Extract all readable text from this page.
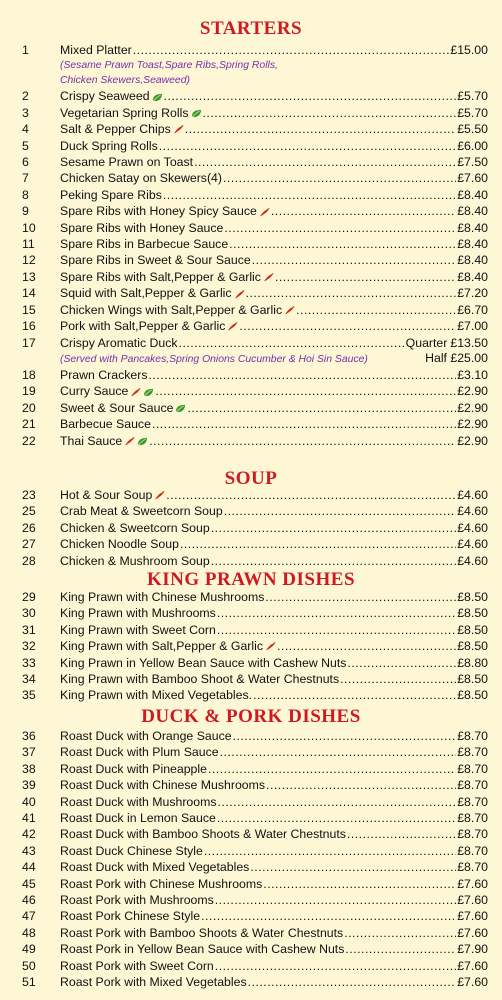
STARTERS
1	Mixed Platter .....	£15.00
(Sesame Prawn Toast,Spare Ribs,Spring Rolls,
Chicken Skewers,Seaweed)
2	Crispy Seaweed .....	£5.70
3	Vegetarian Spring Rolls .....	£5.70
4	Salt & Pepper Chips .....	£5.50
5	Duck Spring Rolls .....	£6.00
6	Sesame Prawn on Toast .....	£7.50
7	Chicken Satay on Skewers(4) .....	£7.60
8	Peking Spare Ribs .....	£8.40
9	Spare Ribs with Honey Spicy Sauce .....	£8.40
10	Spare Ribs with Honey Sauce .....	£8.40
11	Spare Ribs in Barbecue Sauce .....	£8.40
12	Spare Ribs in Sweet & Sour Sauce .....	£8.40
13	Spare Ribs with Salt,Pepper & Garlic .....	£8.40
14	Squid with Salt,Pepper & Garlic .....	£7.20
15	Chicken Wings with Salt,Pepper & Garlic .....	£6.70
16	Pork with Salt,Pepper & Garlic .....	£7.00
17	Crispy Aromatic Duck .....	Quarter £13.50
(Served with Pancakes,Spring Onions Cucumber & Hoi Sin Sauce)	Half £25.00
18	Prawn Crackers .....	£3.10
19	Curry Sauce .....	£2.90
20	Sweet & Sour Sauce .....	£2.90
21	Barbecue Sauce .....	£2.90
22	Thai Sauce .....	£2.90
SOUP
23	Hot & Sour Soup .....	£4.60
25	Crab Meat & Sweetcorn Soup .....	£4.60
26	Chicken & Sweetcorn Soup .....	£4.60
27	Chicken Noodle Soup .....	£4.60
28	Chicken & Mushroom Soup .....	£4.60
KING PRAWN DISHES
29	King Prawn with Chinese Mushrooms .....	£8.50
30	King Prawn with Mushrooms .....	£8.50
31	King Prawn with Sweet Corn .....	£8.50
32	King Prawn with Salt,Pepper & Garlic .....	£8.50
33	King Prawn in Yellow Bean Sauce with Cashew Nuts .....	£8.80
34	King Prawn with Bamboo Shoot & Water Chestnuts .....	£8.50
35	King Prawn with Mixed Vegetables. .....	£8.50
DUCK & PORK DISHES
36	Roast Duck with Orange Sauce .....	£8.70
37	Roast Duck with Plum Sauce .....	£8.70
38	Roast Duck with Pineapple .....	£8.70
39	Roast Duck with Chinese Mushrooms .....	£8.70
40	Roast Duck with Mushrooms .....	£8.70
41	Roast Duck in Lemon Sauce .....	£8.70
42	Roast Duck with Bamboo Shoots & Water Chestnuts .....	£8.70
43	Roast Duck Chinese Style .....	£8.70
44	Roast Duck with Mixed Vegetables .....	£8.70
45	Roast Pork with Chinese Mushrooms .....	£7.60
46	Roast Pork with Mushrooms .....	£7.60
47	Roast Pork Chinese Style .....	£7.60
48	Roast Pork with Bamboo Shoots & Water Chestnuts .....	£7.60
49	Roast Pork in Yellow Bean Sauce with Cashew Nuts .....	£7.90
50	Roast Pork with Sweet Corn .....	£7.60
51	Roast Pork with Mixed Vegetables .....	£7.60
